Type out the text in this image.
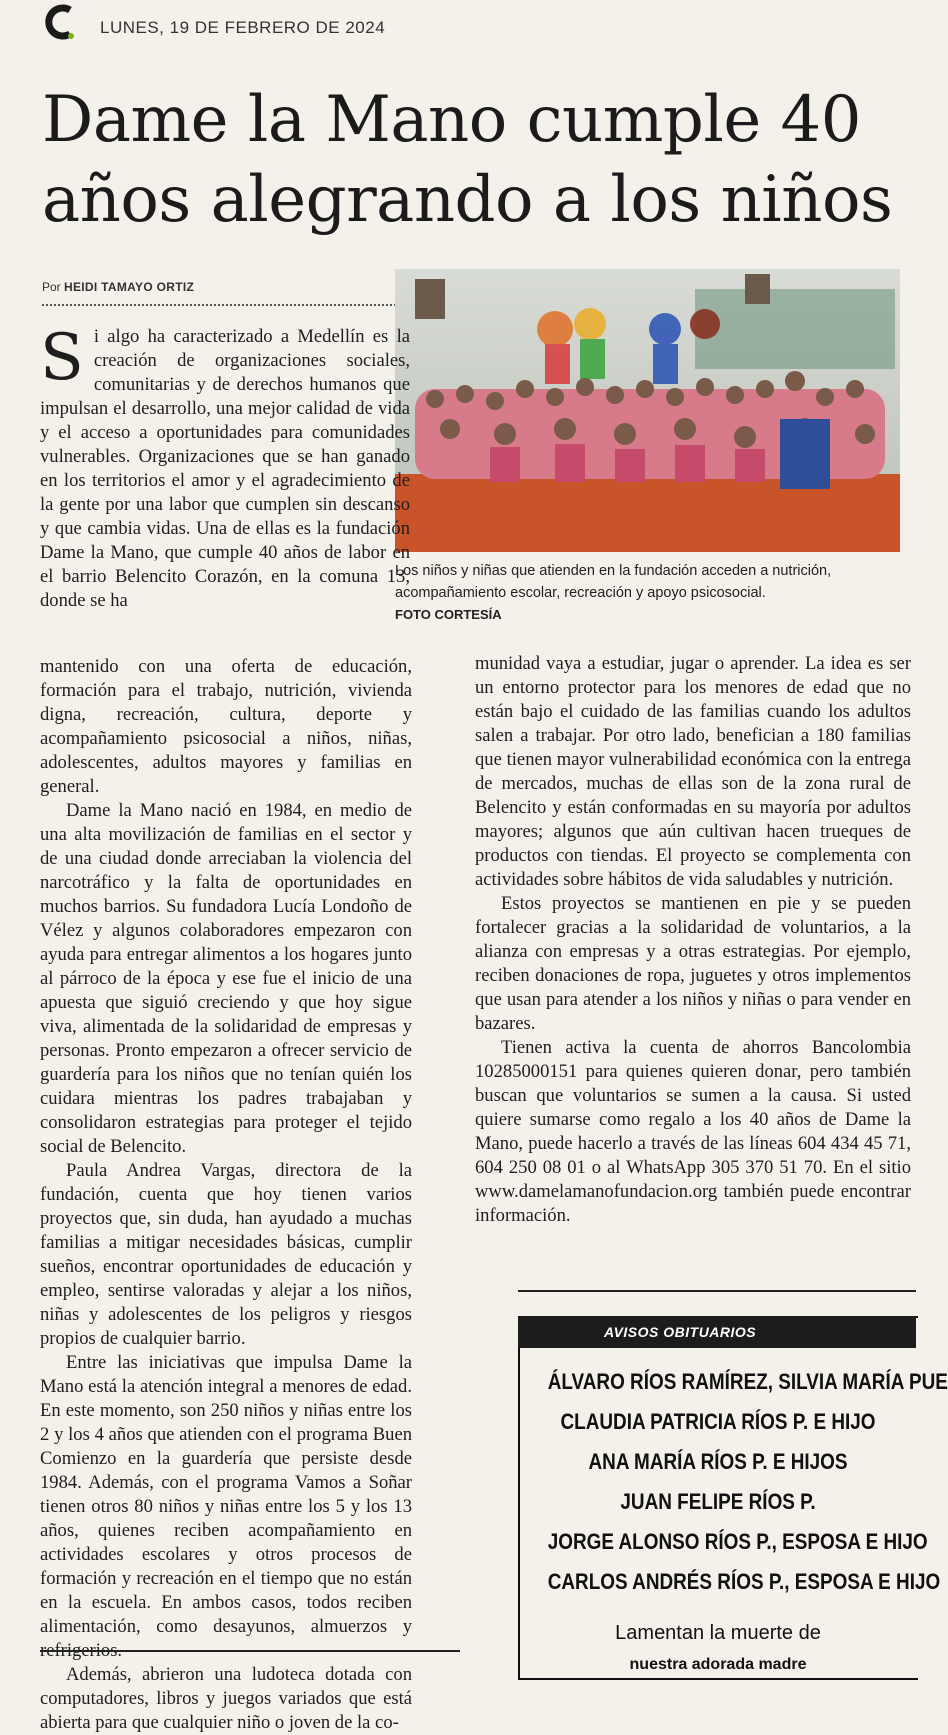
LUNES, 19 DE FEBRERO DE 2024
Dame la Mano cumple 40 años alegrando a los niños
Por HEIDI TAMAYO ORTIZ
Los niños y niñas que atienden en la fundación acceden a nutrición, acompañamiento escolar, recreación y apoyo psicosocial.
FOTO CORTESÍA

Si algo ha caracterizado a Medellín es la creación de organizaciones sociales, comunitarias y de derechos humanos que impulsan el desarrollo, una mejor calidad de vida y el acceso a oportunidades para comunidades vulnerables. Organizaciones que se han ganado en los territorios el amor y el agradecimiento de la gente por una labor que cumplen sin descanso y que cambia vidas. Una de ellas es la fundación Dame la Mano, que cumple 40 años de labor en el barrio Belencito Corazón, en la comuna 13, donde se ha

mantenido con una oferta de educación, formación para el trabajo, nutrición, vivienda digna, recreación, cultura, deporte y acompañamiento psicosocial a niños, niñas, adolescentes, adultos mayores y familias en general.

Dame la Mano nació en 1984, en medio de una alta movilización de familias en el sector y de una ciudad donde arreciaban la violencia del narcotráfico y la falta de oportunidades en muchos barrios. Su fundadora Lucía Londoño de Vélez y algunos colaboradores empezaron con ayuda para entregar alimentos a los hogares junto al párroco de la época y ese fue el inicio de una apuesta que siguió creciendo y que hoy sigue viva, alimentada de la solidaridad de empresas y personas. Pronto empezaron a ofrecer servicio de guardería para los niños que no tenían quién los cuidara mientras los padres trabajaban y consolidaron estrategias para proteger el tejido social de Belencito.

Paula Andrea Vargas, directora de la fundación, cuenta que hoy tienen varios proyectos que, sin duda, han ayudado a muchas familias a mitigar necesidades básicas, cumplir sueños, encontrar oportunidades de educación y empleo, sentirse valoradas y alejar a los niños, niñas y adolescentes de los peligros y riesgos propios de cualquier barrio.

Entre las iniciativas que impulsa Dame la Mano está la atención integral a menores de edad. En este momento, son 250 niños y niñas entre los 2 y los 4 años que atienden con el programa Buen Comienzo en la guardería que persiste desde 1984. Además, con el programa Vamos a Soñar tienen otros 80 niños y niñas entre los 5 y los 13 años, quienes reciben acompañamiento en actividades escolares y otros procesos de formación y recreación en el tiempo que no están en la escuela. En ambos casos, todos reciben alimentación, como desayunos, almuerzos y refrigerios.

Además, abrieron una ludoteca dotada con computadores, libros y juegos variados que está abierta para que cualquier niño o joven de la co-

munidad vaya a estudiar, jugar o aprender. La idea es ser un entorno protector para los menores de edad que no están bajo el cuidado de las familias cuando los adultos salen a trabajar. Por otro lado, benefician a 180 familias que tienen mayor vulnerabilidad económica con la entrega de mercados, muchas de ellas son de la zona rural de Belencito y están conformadas en su mayoría por adultos mayores; algunos que aún cultivan hacen trueques de productos con tiendas. El proyecto se complementa con actividades sobre hábitos de vida saludables y nutrición.

Estos proyectos se mantienen en pie y se pueden fortalecer gracias a la solidaridad de voluntarios, a la alianza con empresas y a otras estrategias. Por ejemplo, reciben donaciones de ropa, juguetes y otros implementos que usan para atender a los niños y niñas o para vender en bazares.

Tienen activa la cuenta de ahorros Bancolombia 10285000151 para quienes quieren donar, pero también buscan que voluntarios se sumen a la causa. Si usted quiere sumarse como regalo a los 40 años de Dame la Mano, puede hacerlo a través de las líneas 604 434 45 71, 604 250 08 01 o al WhatsApp 305 370 51 70. En el sitio www.damelamanofundacion.org también puede encontrar información.

AVISOS OBITUARIOS
ÁLVARO RÍOS RAMÍREZ, SILVIA MARÍA PUE
CLAUDIA PATRICIA RÍOS P. E HIJO
ANA MARÍA RÍOS P. E HIJOS
JUAN FELIPE RÍOS P.
JORGE ALONSO RÍOS P., ESPOSA E HIJO
CARLOS ANDRÉS RÍOS P., ESPOSA E HIJO
Lamentan la muerte de
nuestra adorada madre
